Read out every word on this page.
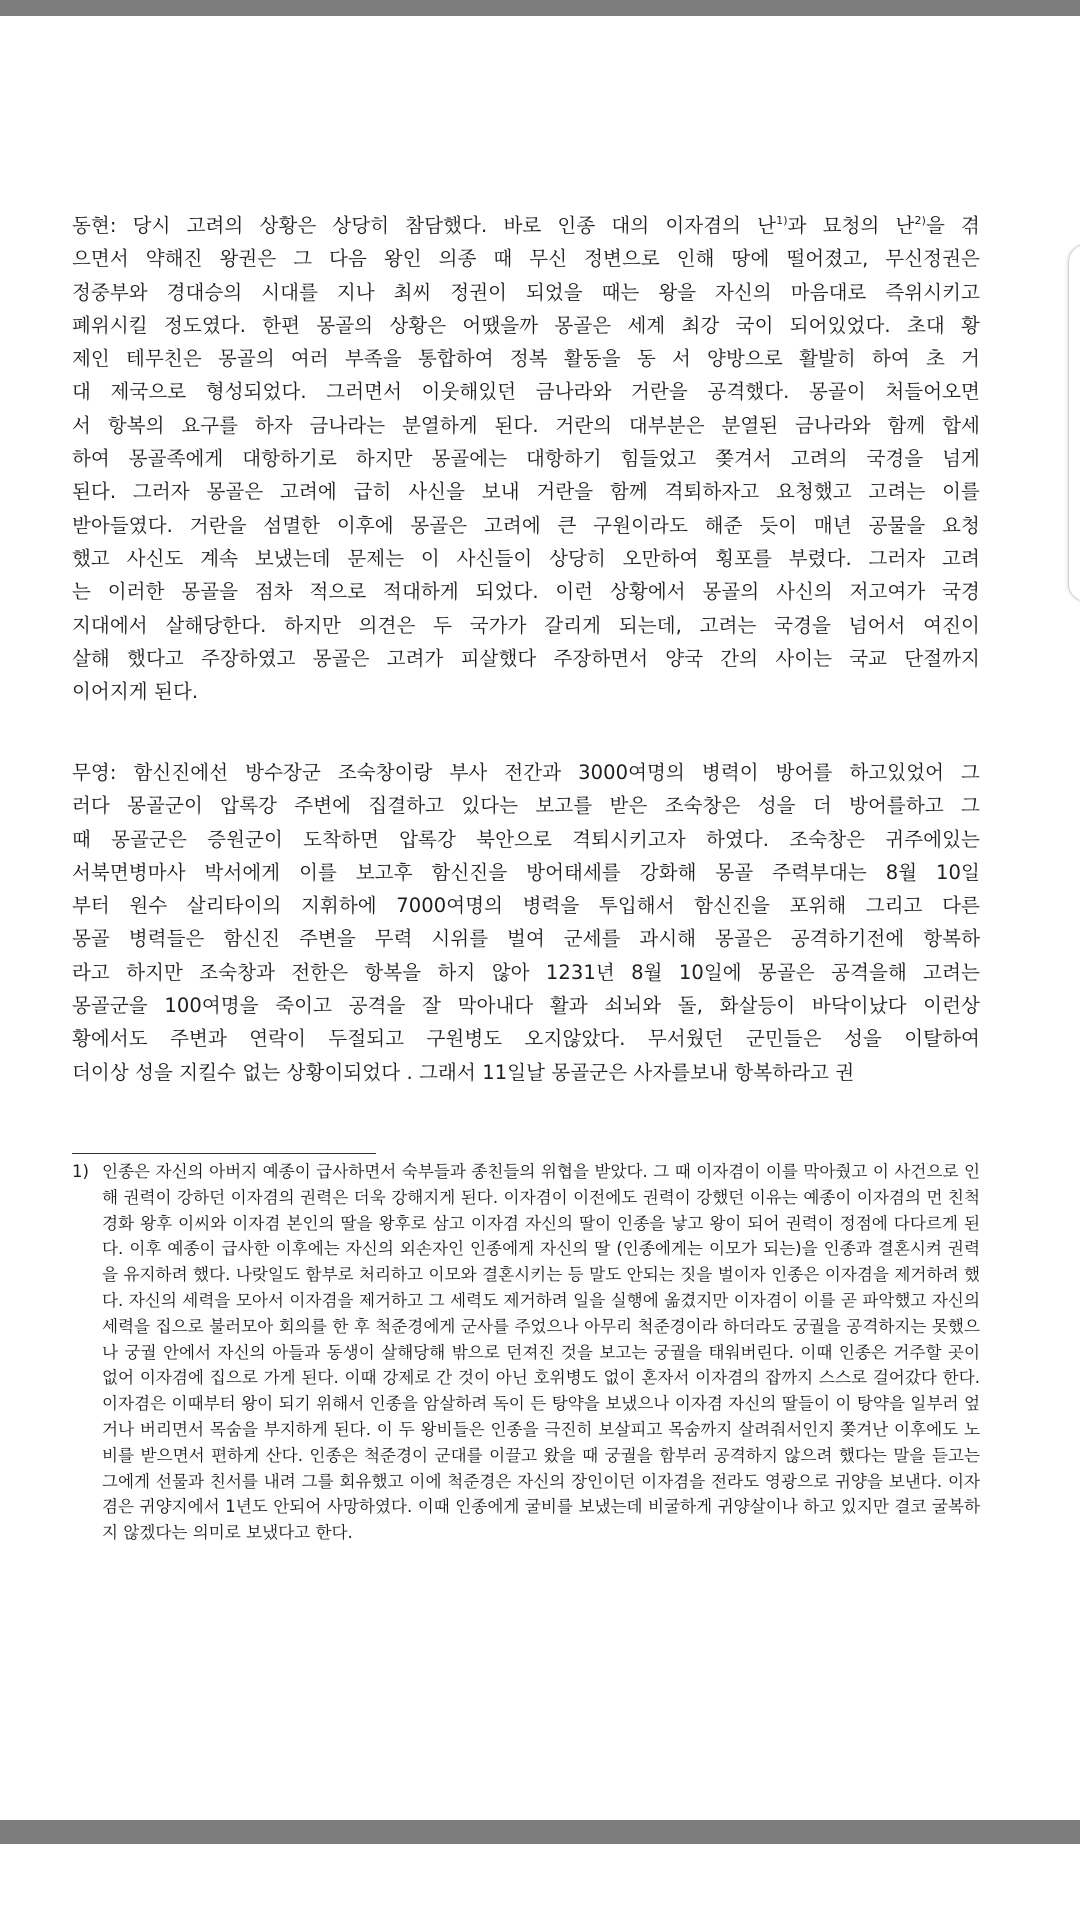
동현: 당시 고려의 상황은 상당히 참담했다. 바로 인종 대의 이자겸의 난$^{1)}$과 묘청의 난$^{2)}$을 겪
으면서 약해진 왕권은 그 다음 왕인 의종 때 무신 정변으로 인해 땅에 떨어졌고, 무신정권은
정중부와 경대승의 시대를 지나 최씨 정권이 되었을 때는 왕을 자신의 마음대로 즉위시키고
폐위시킬 정도였다. 한편 몽골의 상황은 어땠을까 몽골은 세계 최강 국이 되어있었다. 초대 황
제인 테무친은 몽골의 여러 부족을 통합하여 정복 활동을 동 서 양방으로 활발히 하여 초 거
대 제국으로 형성되었다. 그러면서 이웃해있던 금나라와 거란을 공격했다. 몽골이 처들어오면
서 항복의 요구를 하자 금나라는 분열하게 된다. 거란의 대부분은 분열된 금나라와 함께 합세
하여 몽골족에게 대항하기로 하지만 몽골에는 대항하기 힘들었고 쫒겨서 고려의 국경을 넘게
된다. 그러자 몽골은 고려에 급히 사신을 보내 거란을 함께 격퇴하자고 요청했고 고려는 이를
받아들였다. 거란을 섬멸한 이후에 몽골은 고려에 큰 구원이라도 해준 듯이 매년 공물을 요청
했고 사신도 계속 보냈는데 문제는 이 사신들이 상당히 오만하여 횡포를 부렸다. 그러자 고려
는 이러한 몽골을 점차 적으로 적대하게 되었다. 이런 상황에서 몽골의 사신의 저고여가 국경
지대에서 살해당한다. 하지만 의견은 두 국가가 갈리게 되는데, 고려는 국경을 넘어서 여진이
살해 했다고 주장하였고 몽골은 고려가 피살했다 주장하면서 양국 간의 사이는 국교 단절까지
이어지게 된다.
무영: 함신진에선 방수장군 조숙창이랑 부사 전간과 3000여명의 병력이 방어를 하고있었어 그
러다 몽골군이 압록강 주변에 집결하고 있다는 보고를 받은 조숙창은 성을 더 방어를하고 그
때 몽골군은 증원군이 도착하면 압록강 북안으로 격퇴시키고자 하였다. 조숙창은 귀주에있는
서북면병마사 박서에게 이를 보고후 함신진을 방어태세를 강화해 몽골 주력부대는 8월 10일
부터 원수 살리타이의 지휘하에 7000여명의 병력을 투입해서 함신진을 포위해 그리고 다른
몽골 병력들은 함신진 주변을 무력 시위를 벌여 군세를 과시해 몽골은 공격하기전에 항복하
라고 하지만 조숙창과 전한은 항복을 하지 않아 1231년 8월 10일에 몽골은 공격을해 고려는
몽골군을 100여명을 죽이고 공격을 잘 막아내다 활과 쇠뇌와 돌, 화살등이 바닥이났다 이런상
황에서도 주변과 연락이 두절되고 구원병도 오지않았다. 무서웠던 군민들은 성을 이탈하여
더이상 성을 지킬수 없는 상황이되었다 . 그래서 11일날 몽골군은 사자를보내 항복하라고 권
1) 인종은 자신의 아버지 예종이 급사하면서 숙부들과 종친들의 위협을 받았다. 그 때 이자겸이 이를 막아줬고 이 사건으로 인해 권력이 강하던 이자겸의 권력은 더욱 강해지게 된다. 이자겸이 이전에도 권력이 강했던 이유는 예종이 이자겸의 먼 친척 경화 왕후 이씨와 이자겸 본인의 딸을 왕후로 삼고 이자겸 자신의 딸이 인종을 낳고 왕이 되어 권력이 정점에 다다르게 된다. 이후 예종이 급사한 이후에는 자신의 외손자인 인종에게 자신의 딸 (인종에게는 이모가 되는)을 인종과 결혼시켜 권력을 유지하려 했다. 나랏일도 함부로 처리하고 이모와 결혼시키는 등 말도 안되는 짓을 벌이자 인종은 이자겸을 제거하려 했다. 자신의 세력을 모아서 이자겸을 제거하고 그 세력도 제거하려 일을 실행에 옮겼지만 이자겸이 이를 곧 파악했고 자신의 세력을 집으로 불러모아 회의를 한 후 척준경에게 군사를 주었으나 아무리 척준경이라 하더라도 궁궐을 공격하지는 못했으나 궁궐 안에서 자신의 아들과 동생이 살해당해 밖으로 던져진 것을 보고는 궁궐을 태워버린다. 이때 인종은 거주할 곳이 없어 이자겸에 집으로 가게 된다. 이때 강제로 간 것이 아닌 호위병도 없이 혼자서 이자겸의 잡까지 스스로 걸어갔다 한다. 이자겸은 이때부터 왕이 되기 위해서 인종을 암살하려 독이 든 탕약을 보냈으나 이자겸 자신의 딸들이 이 탕약을 일부러 엎거나 버리면서 목숨을 부지하게 된다. 이 두 왕비들은 인종을 극진히 보살피고 목숨까지 살려줘서인지 쫒겨난 이후에도 노비를 받으면서 편하게 산다. 인종은 척준경이 군대를 이끌고 왔을 때 궁궐을 함부러 공격하지 않으려 했다는 말을 듣고는 그에게 선물과 친서를 내려 그를 회유했고 이에 척준경은 자신의 장인이던 이자겸을 전라도 영광으로 귀양을 보낸다. 이자겸은 귀양지에서 1년도 안되어 사망하였다. 이때 인종에게 굴비를 보냈는데 비굴하게 귀양살이나 하고 있지만 결코 굴복하지 않겠다는 의미로 보냈다고 한다.
